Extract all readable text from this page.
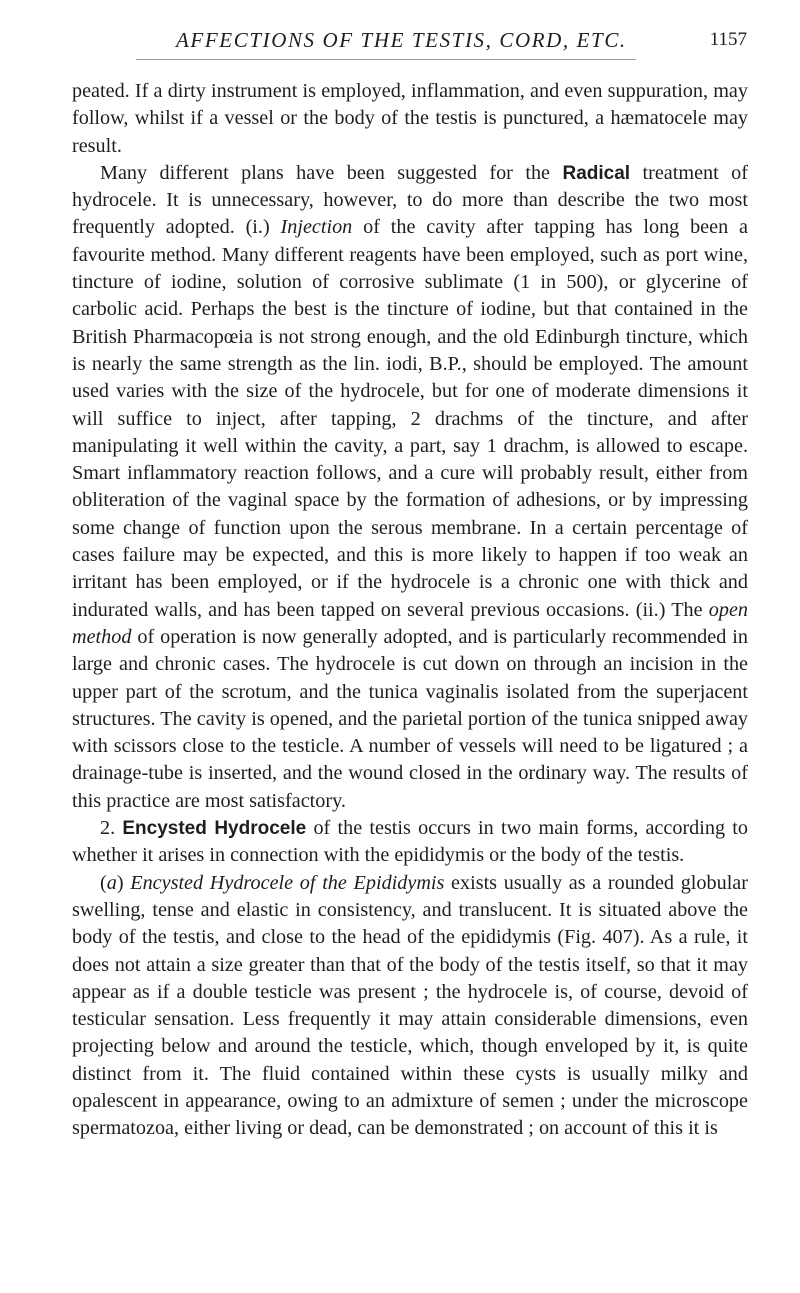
AFFECTIONS OF THE TESTIS, CORD, ETC.	1157

peated. If a dirty instrument is employed, inflammation, and even suppuration, may follow, whilst if a vessel or the body of the testis is punctured, a hæmatocele may result.

Many different plans have been suggested for the Radical treatment of hydrocele. It is unnecessary, however, to do more than describe the two most frequently adopted. (i.) Injection of the cavity after tapping has long been a favourite method. Many different reagents have been employed, such as port wine, tincture of iodine, solution of corrosive sublimate (1 in 500), or glycerine of carbolic acid. Perhaps the best is the tincture of iodine, but that contained in the British Pharmacopœia is not strong enough, and the old Edinburgh tincture, which is nearly the same strength as the lin. iodi, B.P., should be employed. The amount used varies with the size of the hydrocele, but for one of moderate dimensions it will suffice to inject, after tapping, 2 drachms of the tincture, and after manipulating it well within the cavity, a part, say 1 drachm, is allowed to escape. Smart inflammatory reaction follows, and a cure will probably result, either from obliteration of the vaginal space by the formation of adhesions, or by impressing some change of function upon the serous membrane. In a certain percentage of cases failure may be expected, and this is more likely to happen if too weak an irritant has been employed, or if the hydrocele is a chronic one with thick and indurated walls, and has been tapped on several previous occasions. (ii.) The open method of operation is now generally adopted, and is particularly recommended in large and chronic cases. The hydrocele is cut down on through an incision in the upper part of the scrotum, and the tunica vaginalis isolated from the superjacent structures. The cavity is opened, and the parietal portion of the tunica snipped away with scissors close to the testicle. A number of vessels will need to be ligatured ; a drainage-tube is inserted, and the wound closed in the ordinary way. The results of this practice are most satisfactory.

2. Encysted Hydrocele of the testis occurs in two main forms, according to whether it arises in connection with the epididymis or the body of the testis.

(a) Encysted Hydrocele of the Epididymis exists usually as a rounded globular swelling, tense and elastic in consistency, and translucent. It is situated above the body of the testis, and close to the head of the epididymis (Fig. 407). As a rule, it does not attain a size greater than that of the body of the testis itself, so that it may appear as if a double testicle was present ; the hydrocele is, of course, devoid of testicular sensation. Less frequently it may attain considerable dimensions, even projecting below and around the testicle, which, though enveloped by it, is quite distinct from it. The fluid contained within these cysts is usually milky and opalescent in appearance, owing to an admixture of semen ; under the microscope spermatozoa, either living or dead, can be demonstrated ; on account of this it is
